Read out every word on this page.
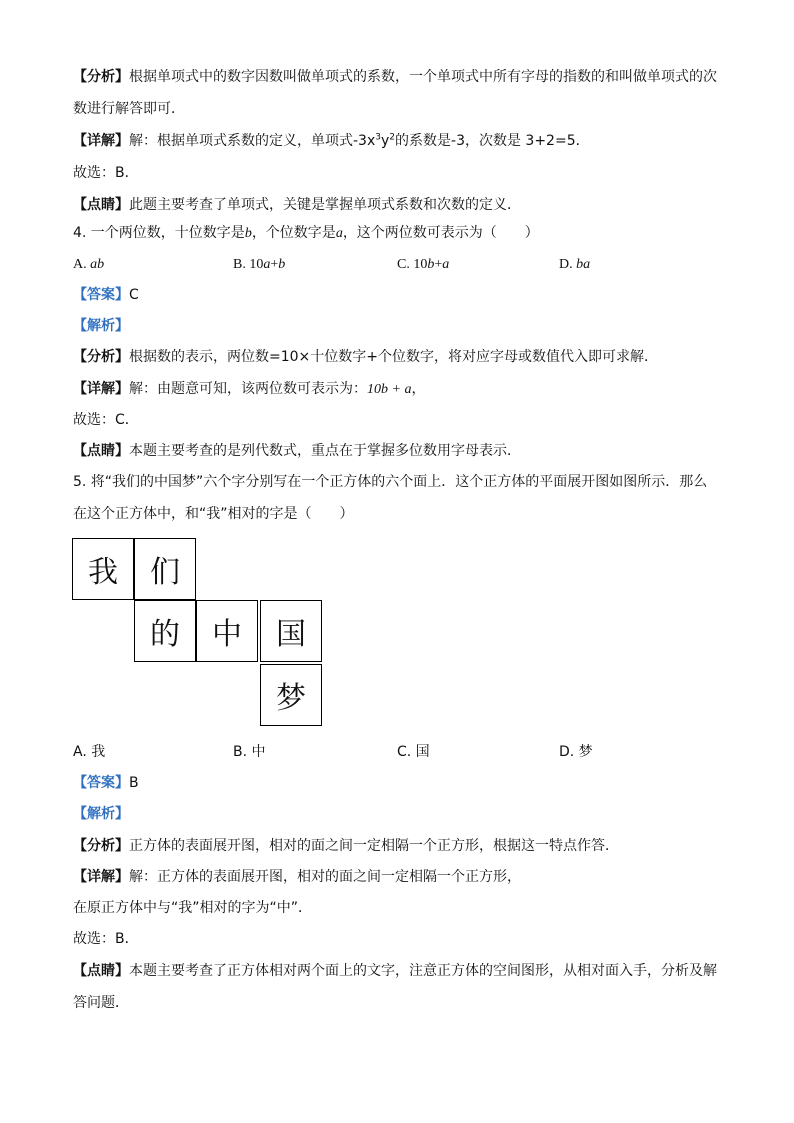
【分析】根据单项式中的数字因数叫做单项式的系数，一个单项式中所有字母的指数的和叫做单项式的次
数进行解答即可．
【详解】解：根据单项式系数的定义，单项式$-3x^3y^2$的系数是-3，次数是 3+2=5．
故选：B．
【点睛】此题主要考查了单项式，关键是掌握单项式系数和次数的定义．
4. 一个两位数，十位数字是b，个位数字是a，这个两位数可表示为（　　）
A. ab	B. 10a+b	C. 10b+a	D. ba
【答案】C
【解析】
【分析】根据数的表示，两位数=10×十位数字+个位数字，将对应字母或数值代入即可求解．
【详解】解：由题意可知，该两位数可表示为：10b + a，
故选：C．
【点睛】本题主要考查的是列代数式，重点在于掌握多位数用字母表示．
5. 将“我们的中国梦”六个字分别写在一个正方体的六个面上．这个正方体的平面展开图如图所示．那么
在这个正方体中，和“我”相对的字是（　　）
我	们
的	中	国
梦
A. 我	B. 中	C. 国	D. 梦
【答案】B
【解析】
【分析】正方体的表面展开图，相对的面之间一定相隔一个正方形，根据这一特点作答．
【详解】解：正方体的表面展开图，相对的面之间一定相隔一个正方形，
在原正方体中与“我”相对的字为“中”．
故选：B．
【点睛】本题主要考查了正方体相对两个面上的文字，注意正方体的空间图形，从相对面入手，分析及解
答问题．
